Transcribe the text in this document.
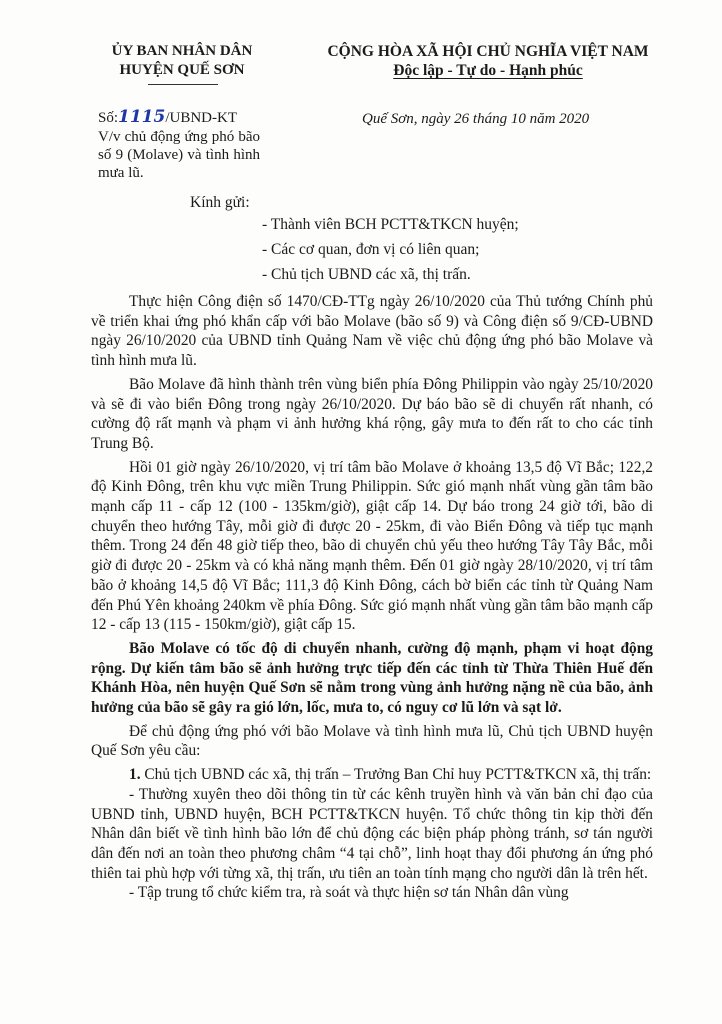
ỦY BAN NHÂN DÂN
HUYỆN QUẾ SƠN
CỘNG HÒA XÃ HỘI CHỦ NGHĨA VIỆT NAM
Độc lập - Tự do - Hạnh phúc
Số:1115/UBND-KT	Quế Sơn, ngày 26 tháng 10 năm 2020
V/v chủ động ứng phó bão số 9 (Molave) và tình hình mưa lũ.
Kính gửi:
- Thành viên BCH PCTT&TKCN huyện;
- Các cơ quan, đơn vị có liên quan;
- Chủ tịch UBND các xã, thị trấn.

Thực hiện Công điện số 1470/CĐ-TTg ngày 26/10/2020 của Thủ tướng Chính phủ về triển khai ứng phó khẩn cấp với bão Molave (bão số 9) và Công điện số 9/CĐ-UBND ngày 26/10/2020 của UBND tỉnh Quảng Nam về việc chủ động ứng phó bão Molave và tình hình mưa lũ.

Bão Molave đã hình thành trên vùng biển phía Đông Philippin vào ngày 25/10/2020 và sẽ đi vào biển Đông trong ngày 26/10/2020. Dự báo bão sẽ di chuyển rất nhanh, có cường độ rất mạnh và phạm vi ảnh hưởng khá rộng, gây mưa to đến rất to cho các tỉnh Trung Bộ.

Hồi 01 giờ ngày 26/10/2020, vị trí tâm bão Molave ở khoảng 13,5 độ Vĩ Bắc; 122,2 độ Kinh Đông, trên khu vực miền Trung Philippin. Sức gió mạnh nhất vùng gần tâm bão mạnh cấp 11 - cấp 12 (100 - 135km/giờ), giật cấp 14. Dự báo trong 24 giờ tới, bão di chuyển theo hướng Tây, mỗi giờ đi được 20 - 25km, đi vào Biển Đông và tiếp tục mạnh thêm. Trong 24 đến 48 giờ tiếp theo, bão di chuyển chủ yếu theo hướng Tây Tây Bắc, mỗi giờ đi được 20 - 25km và có khả năng mạnh thêm. Đến 01 giờ ngày 28/10/2020, vị trí tâm bão ở khoảng 14,5 độ Vĩ Bắc; 111,3 độ Kinh Đông, cách bờ biển các tỉnh từ Quảng Nam đến Phú Yên khoảng 240km về phía Đông. Sức gió mạnh nhất vùng gần tâm bão mạnh cấp 12 - cấp 13 (115 - 150km/giờ), giật cấp 15.

Bão Molave có tốc độ di chuyển nhanh, cường độ mạnh, phạm vi hoạt động rộng. Dự kiến tâm bão sẽ ảnh hưởng trực tiếp đến các tỉnh từ Thừa Thiên Huế đến Khánh Hòa, nên huyện Quế Sơn sẽ nằm trong vùng ảnh hưởng nặng nề của bão, ảnh hưởng của bão sẽ gây ra gió lớn, lốc, mưa to, có nguy cơ lũ lớn và sạt lở.

Để chủ động ứng phó với bão Molave và tình hình mưa lũ, Chủ tịch UBND huyện Quế Sơn yêu cầu:

1. Chủ tịch UBND các xã, thị trấn – Trưởng Ban Chỉ huy PCTT&TKCN xã, thị trấn:

- Thường xuyên theo dõi thông tin từ các kênh truyền hình và văn bản chỉ đạo của UBND tỉnh, UBND huyện, BCH PCTT&TKCN huyện. Tổ chức thông tin kịp thời đến Nhân dân biết về tình hình bão lớn để chủ động các biện pháp phòng tránh, sơ tán người dân đến nơi an toàn theo phương châm “4 tại chỗ”, linh hoạt thay đổi phương án ứng phó thiên tai phù hợp với từng xã, thị trấn, ưu tiên an toàn tính mạng cho người dân là trên hết.

- Tập trung tổ chức kiểm tra, rà soát và thực hiện sơ tán Nhân dân vùng
